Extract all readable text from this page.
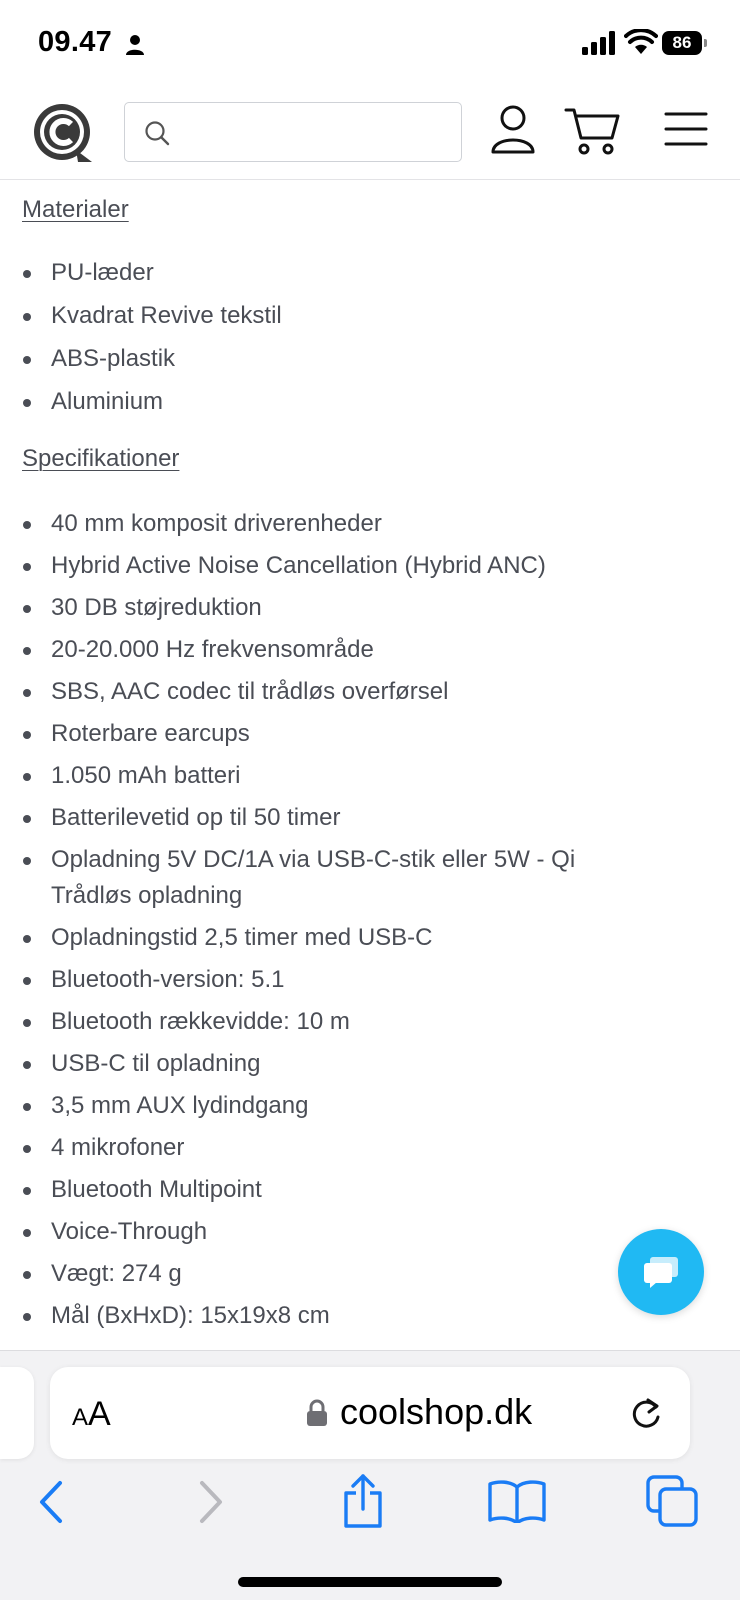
09.47	86
Materialer
PU-læder
Kvadrat Revive tekstil
ABS-plastik
Aluminium
Specifikationer
40 mm komposit driverenheder
Hybrid Active Noise Cancellation (Hybrid ANC)
30 DB støjreduktion
20-20.000 Hz frekvensområde
SBS, AAC codec til trådløs overførsel
Roterbare earcups
1.050 mAh batteri
Batterilevetid op til 50 timer
Opladning 5V DC/1A via USB-C-stik eller 5W - Qi Trådløs opladning
Opladningstid 2,5 timer med USB-C
Bluetooth-version: 5.1
Bluetooth rækkevidde: 10 m
USB-C til opladning
3,5 mm AUX lydindgang
4 mikrofoner
Bluetooth Multipoint
Voice-Through
Vægt: 274 g
Mål (BxHxD): 15x19x8 cm
AA	coolshop.dk
